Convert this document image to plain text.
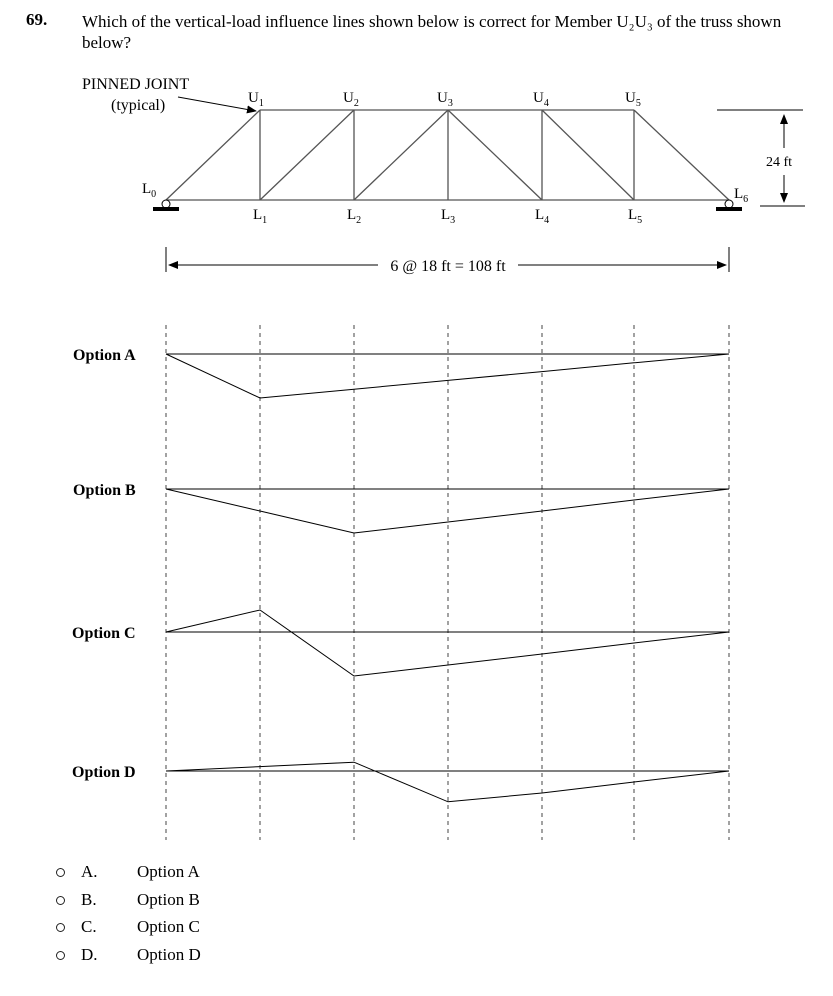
69. Which of the vertical-load influence lines shown below is correct for Member U₂U₃ of the truss shown below?
PINNED JOINT
(typical)	$U_1$	$U_2$	$U_3$	$U_4$	$U_5$
$L_0$
$L_1$	$L_2$	$L_3$	$L_4$	$L_5$
$L_6$
24 ft
6 @ 18 ft = 108 ft
Option A
Option B
Option C
Option D
A. Option A
B. Option B
C. Option C
D. Option D
